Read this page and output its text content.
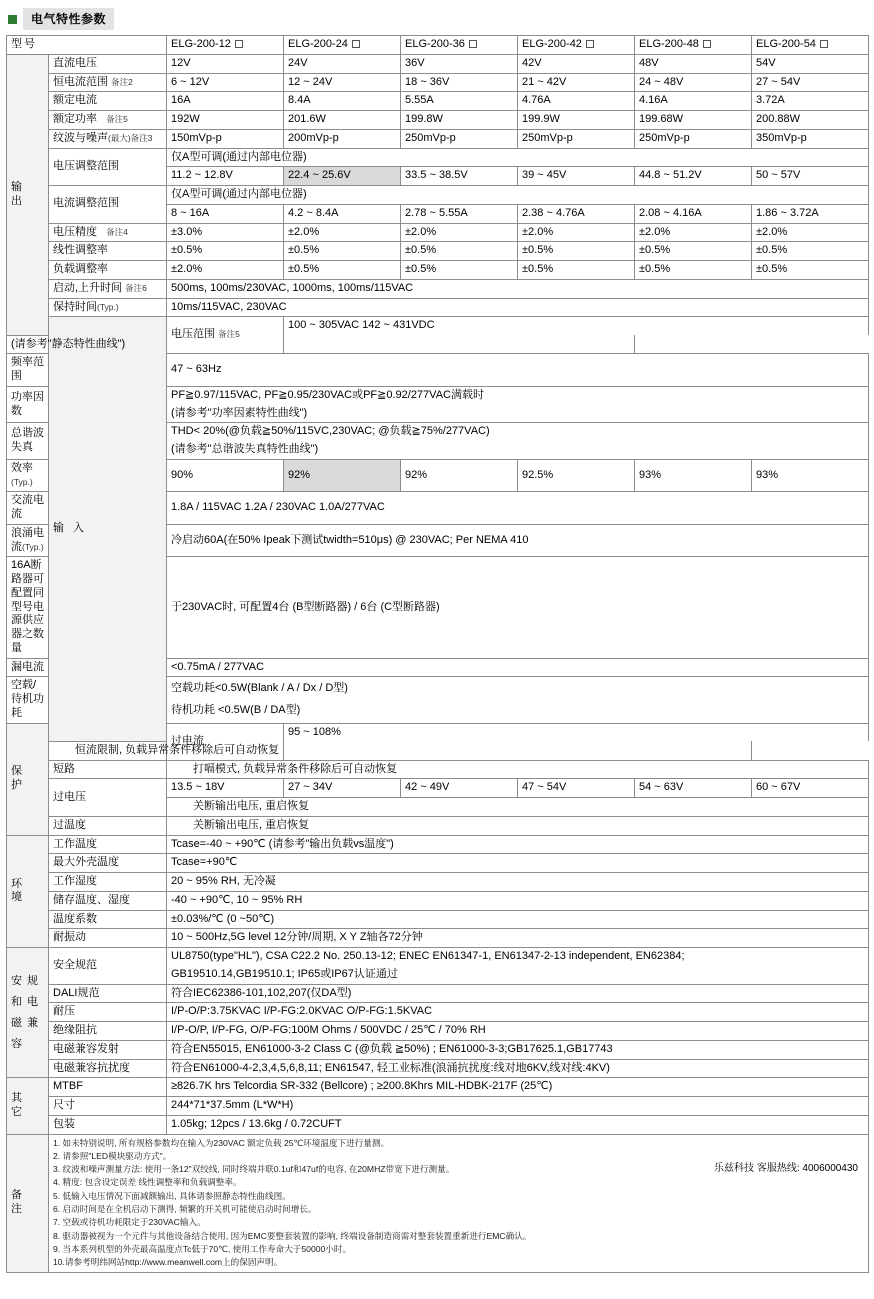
电气特性参数
型号		ELG-200-12	ELG-200-24	ELG-200-36	ELG-200-42	ELG-200-48	ELG-200-54
输 出	直流电压	12V	24V	36V	42V	48V	54V
	恒电流范围 备注2	6 ~ 12V	12 ~ 24V	18 ~ 36V	21 ~ 42V	24 ~ 48V	27 ~ 54V
	额定电流	16A	8.4A	5.55A	4.76A	4.16A	3.72A
	额定功率 备注5	192W	201.6W	199.8W	199.9W	199.68W	200.88W
	纹波与噪声(最大)备注3	150mVp-p	200mVp-p	250mVp-p	250mVp-p	250mVp-p	350mVp-p
	电压调整范围	仅A型可调(通过内部电位器)					
		11.2 ~ 12.8V	22.4 ~ 25.6V	33.5 ~ 38.5V	39 ~ 45V	44.8 ~ 51.2V	50 ~ 57V
	电流调整范围	仅A型可调(通过内部电位器)					
		8 ~ 16A	4.2 ~ 8.4A	2.78 ~ 5.55A	2.38 ~ 4.76A	2.08 ~ 4.16A	1.86 ~ 3.72A
	电压精度 备注4	±3.0%	±2.0%	±2.0%	±2.0%	±2.0%	±2.0%
	线性调整率	±0.5%	±0.5%	±0.5%	±0.5%	±0.5%	±0.5%
	负载调整率	±2.0%	±0.5%	±0.5%	±0.5%	±0.5%	±0.5%
	启动,上升时间 备注6	500ms, 100ms/230VAC, 1000ms, 100ms/115VAC					
	保持时间(Typ.)	10ms/115VAC, 230VAC					
	输 入	电压范围 备注5	100 ~ 305VAC 142 ~ 431VDC				
(请参考"静态特性曲线")							
频率范围		47 ~ 63Hz					
功率因数		PF≧0.97/115VAC, PF≧0.95/230VAC或PF≧0.92/277VAC满载时					
		(请参考"功率因素特性曲线")					
总谐波失真		THD< 20%(@负载≧50%/115VC,230VAC; @负载≧75%/277VAC)					
		(请参考"总谐波失真特性曲线")					
效率(Typ.)		90%	92%	92%	92.5%	93%	93%
交流电流		1.8A / 115VAC 1.2A / 230VAC 1.0A/277VAC					
浪涌电流(Typ.)		冷启动60A(在50% Ipeak下测试twidth=510μs) @ 230VAC; Per NEMA 410					
16A断路器可配置同型号电源供应器之数量		于230VAC时, 可配置4台 (B型断路器) / 6台 (C型断路器)					

漏电流		<0.75mA / 277VAC					
空载/待机功耗		空载功耗<0.5W(Blank / A / Dx / D型)					
		待机功耗 <0.5W(B / DA型)					
保 护		过电流	95 ~ 108%				
	恒流限制, 负载异常条件移除后可自动恢复						
	短路	打嗝模式, 负载异常条件移除后可自动恢复					
	过电压	13.5 ~ 18V	27 ~ 34V	42 ~ 49V	47 ~ 54V	54 ~ 63V	60 ~ 67V
		关断输出电压, 重启恢复					
	过温度	关断输出电压, 重启恢复					

环 境	工作温度	Tcase=-40 ~ +90℃ (请参考"输出负载vs温度")					
	最大外壳温度	Tcase=+90℃					
	工作湿度	20 ~ 95% RH, 无冷凝					
	储存温度、湿度	-40 ~ +90℃, 10 ~ 95% RH					
	温度系数	±0.03%/℃ (0 ~50℃)					
	耐振动	10 ~ 500Hz,5G level 12分钟/周期, X Y Z轴各72分钟					
安 规 和 电 磁 兼 容	安全规范	UL8750(type"HL"), CSA C22.2 No. 250.13-12; ENEC EN61347-1, EN61347-2-13 independent, EN62384;					
		GB19510.14,GB19510.1; IP65或IP67认证通过					
	DALI规范	符合IEC62386-101,102,207(仅DA型)					
	耐压	I/P-O/P:3.75KVAC I/P-FG:2.0KVAC O/P-FG:1.5KVAC					
	绝缘阻抗	I/P-O/P, I/P-FG, O/P-FG:100M Ohms / 500VDC / 25℃ / 70% RH					
	电磁兼容发射	符合EN55015, EN61000-3-2 Class C (@负载 ≧50%) ; EN61000-3-3;GB17625.1,GB17743					
	电磁兼容抗扰度	符合EN61000-4-2,3,4,5,6,8,11; EN61547, 轻工业标准(浪涌抗扰度:线对地6KV,线对线:4KV)					
其 它	MTBF	≥826.7K hrs Telcordia SR-332 (Bellcore) ; ≥200.8Khrs MIL-HDBK-217F (25℃)					
	尺寸	244*71*37.5mm (L*W*H)					
	包装	1.05kg; 12pcs / 13.6kg / 0.72CUFT					
备 注	
1. 如未特别说明, 所有规格参数均在输入为230VAC 额定负载 25℃环境温度下进行量测。
2. 请参照"LED模块驱动方式"。
3. 纹波和噪声测量方法: 使用一条12"双绞线, 同时终端并联0.1uf和47uf的电容, 在20MHZ带宽下进行测量。
4. 精度: 包含设定误差 线性调整率和负载调整率。
5. 低输入电压情况下面减额输出, 具体请参照静态特性曲线图。
6. 启动时间是在全机启动下测得, 频繁的开关机可能使启动时间增长。
7. 空载或待机功耗限定于230VAC输入。
8. 驱动器被视为一个元件与其他设备结合使用, 因为EMC要整套装置的影响, 终端设备制造商需对整套装置重新进行EMC确认。
9. 当本系列机型的外壳最高温度点Tc低于70℃, 使用工作寿命大于50000小时。
10.请参考明纬网站http://www.meanwell.com上的保固声明。
乐兹科技 客服热线: 4006000430
